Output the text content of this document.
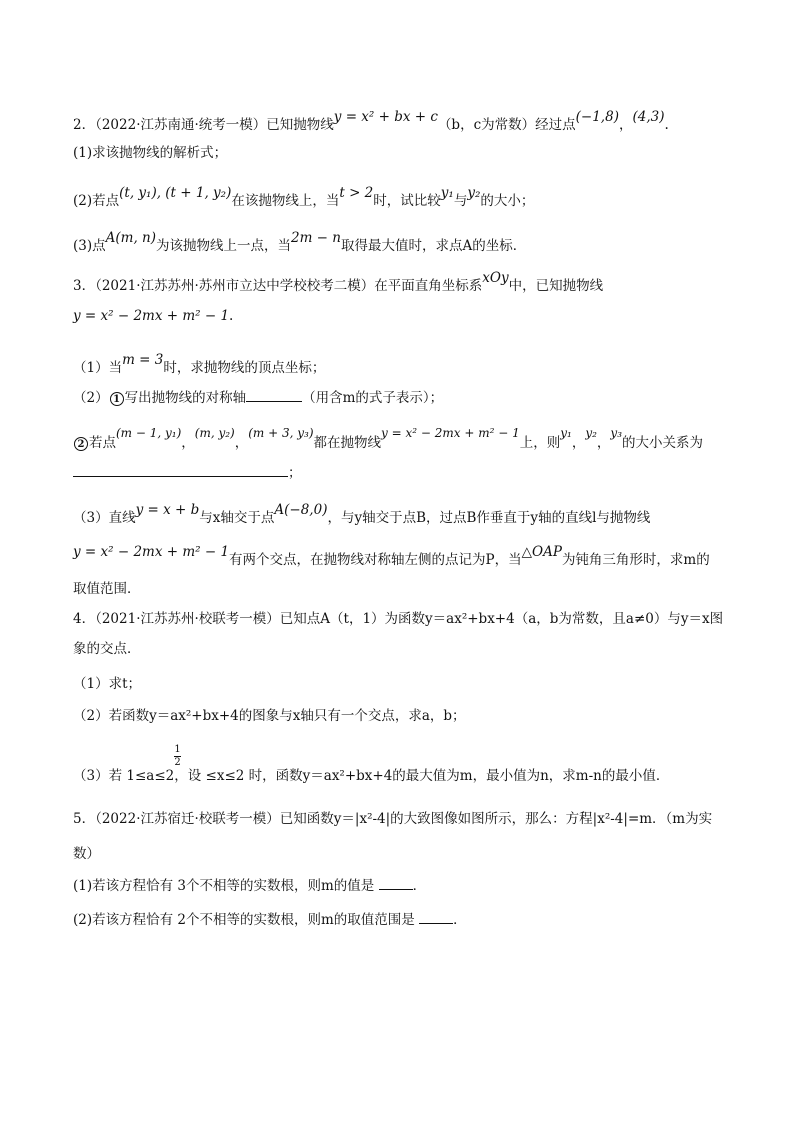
2．（2022·江苏南通·统考一模）已知抛物线y = x² + bx + c（b，c为常数）经过点(−1,8)，(4,3).
(1)求该抛物线的解析式；
(2)若点(t, y₁), (t + 1, y₂)在该抛物线上，当t > 2时，试比较y₁与y₂的大小；
(3)点A(m, n)为该抛物线上一点，当2m − n取得最大值时，求点A的坐标．
3．（2021·江苏苏州·苏州市立达中学校校考二模）在平面直角坐标系xOy中，已知抛物线
y = x² − 2mx + m² − 1.
（1）当m = 3时，求抛物线的顶点坐标；
（2） 1 写出抛物线的对称轴	（用含m的式子表示）；
2 若点(m − 1, y₁)，(m, y₂)，(m + 3, y₃)都在抛物线y = x² − 2mx + m² − 1上，则y₁，y₂，y₃的大小关系为
；
（3）直线y = x + b与x轴交于点A(−8,0)，与y轴交于点B，过点B作垂直于y轴的直线l与抛物线
y = x² − 2mx + m² − 1有两个交点，在抛物线对称轴左侧的点记为P，当△OAP为钝角三角形时，求m的
取值范围．
4．（2021·江苏苏州·校联考一模）已知点A（t，1）为函数y＝ax²+bx+4（a，b为常数，且a≠0）与y＝x图
象的交点．
（1）求t；
（2）若函数y＝ax²+bx+4的图象与x轴只有一个交点，求a，b；
1
2
（3）若 1≤a≤2，设 ≤x≤2 时，函数y＝ax²+bx+4的最大值为m，最小值为n，求m-n的最小值．
5．（2022·江苏宿迁·校联考一模）已知函数y＝|x²-4|的大致图像如图所示，那么：方程|x²-4|=m．（m为实
数）
(1)若该方程恰有 3个不相等的实数根，则m的值是	．
(2)若该方程恰有 2个不相等的实数根，则m的取值范围是	．
